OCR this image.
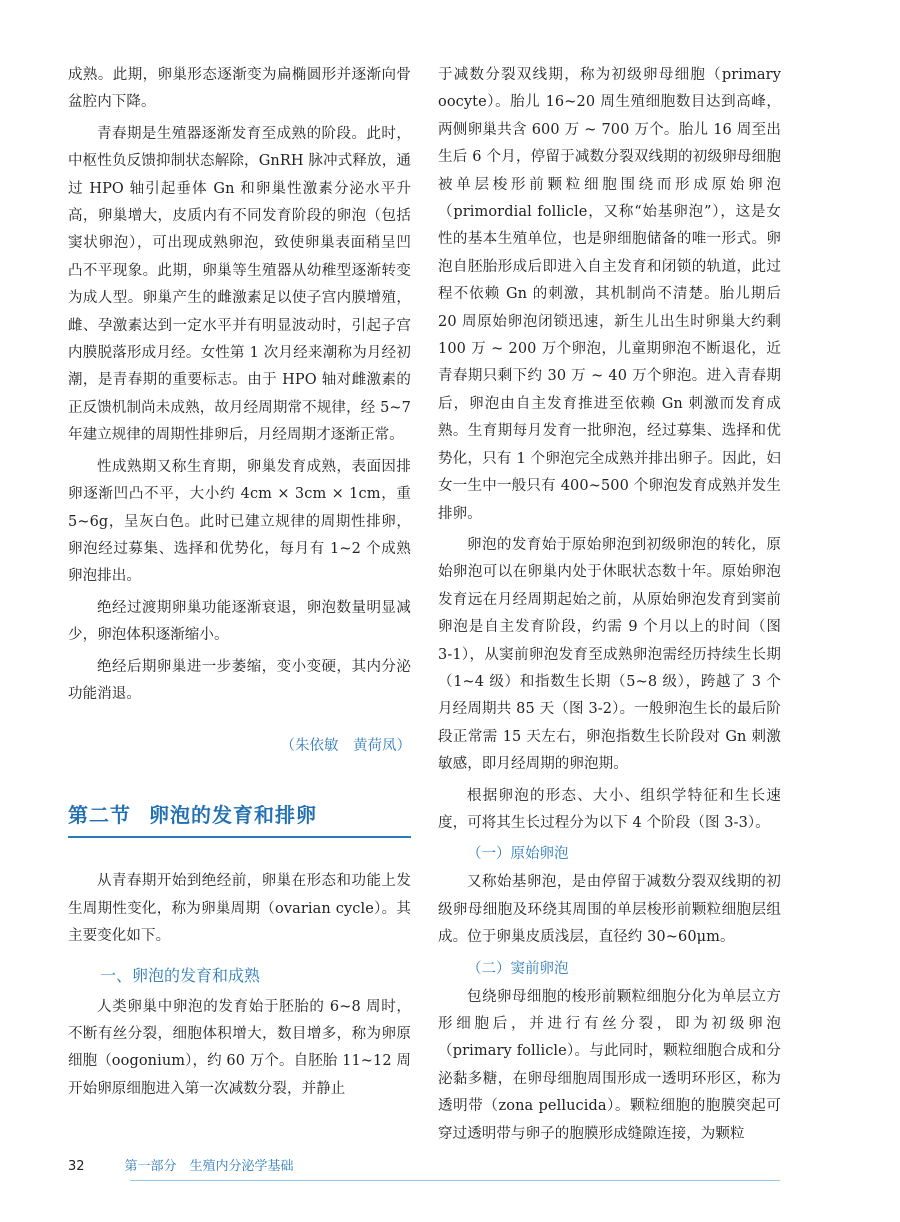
成熟。此期，卵巢形态逐渐变为扁椭圆形并逐渐向骨盆腔内下降。

青春期是生殖器逐渐发育至成熟的阶段。此时，中枢性负反馈抑制状态解除，GnRH 脉冲式释放，通过 HPO 轴引起垂体 Gn 和卵巢性激素分泌水平升高，卵巢增大，皮质内有不同发育阶段的卵泡（包括窦状卵泡），可出现成熟卵泡，致使卵巢表面稍呈凹凸不平现象。此期，卵巢等生殖器从幼稚型逐渐转变为成人型。卵巢产生的雌激素足以使子宫内膜增殖，雌、孕激素达到一定水平并有明显波动时，引起子宫内膜脱落形成月经。女性第 1 次月经来潮称为月经初潮，是青春期的重要标志。由于 HPO 轴对雌激素的正反馈机制尚未成熟，故月经周期常不规律，经 5~7 年建立规律的周期性排卵后，月经周期才逐渐正常。

性成熟期又称生育期，卵巢发育成熟，表面因排卵逐渐凹凸不平，大小约 4cm × 3cm × 1cm，重 5~6g，呈灰白色。此时已建立规律的周期性排卵，卵泡经过募集、选择和优势化，每月有 1~2 个成熟卵泡排出。

绝经过渡期卵巢功能逐渐衰退，卵泡数量明显减少，卵泡体积逐渐缩小。

绝经后期卵巢进一步萎缩，变小变硬，其内分泌功能消退。

（朱依敏　黄荷凤）
第二节 卵泡的发育和排卵

从青春期开始到绝经前，卵巢在形态和功能上发生周期性变化，称为卵巢周期（ovarian cycle）。其主要变化如下。

一、卵泡的发育和成熟

人类卵巢中卵泡的发育始于胚胎的 6~8 周时，不断有丝分裂，细胞体积增大，数目增多，称为卵原细胞（oogonium），约 60 万个。自胚胎 11~12 周开始卵原细胞进入第一次减数分裂，并静止

于减数分裂双线期，称为初级卵母细胞（primary oocyte）。胎儿 16~20 周生殖细胞数目达到高峰，两侧卵巢共含 600 万 ~ 700 万个。胎儿 16 周至出生后 6 个月，停留于减数分裂双线期的初级卵母细胞被单层梭形前颗粒细胞围绕而形成原始卵泡（primordial follicle，又称“始基卵泡”），这是女性的基本生殖单位，也是卵细胞储备的唯一形式。卵泡自胚胎形成后即进入自主发育和闭锁的轨道，此过程不依赖 Gn 的刺激，其机制尚不清楚。胎儿期后 20 周原始卵泡闭锁迅速，新生儿出生时卵巢大约剩 100 万 ~ 200 万个卵泡，儿童期卵泡不断退化，近青春期只剩下约 30 万 ~ 40 万个卵泡。进入青春期后，卵泡由自主发育推进至依赖 Gn 刺激而发育成熟。生育期每月发育一批卵泡，经过募集、选择和优势化，只有 1 个卵泡完全成熟并排出卵子。因此，妇女一生中一般只有 400~500 个卵泡发育成熟并发生排卵。

卵泡的发育始于原始卵泡到初级卵泡的转化，原始卵泡可以在卵巢内处于休眠状态数十年。原始卵泡发育远在月经周期起始之前，从原始卵泡发育到窦前卵泡是自主发育阶段，约需 9 个月以上的时间（图 3-1），从窦前卵泡发育至成熟卵泡需经历持续生长期（1~4 级）和指数生长期（5~8 级），跨越了 3 个月经周期共 85 天（图 3-2）。一般卵泡生长的最后阶段正常需 15 天左右，卵泡指数生长阶段对 Gn 刺激敏感，即月经周期的卵泡期。

根据卵泡的形态、大小、组织学特征和生长速度，可将其生长过程分为以下 4 个阶段（图 3-3）。

（一）原始卵泡

又称始基卵泡，是由停留于减数分裂双线期的初级卵母细胞及环绕其周围的单层梭形前颗粒细胞层组成。位于卵巢皮质浅层，直径约 30~60μm。

（二）窦前卵泡

包绕卵母细胞的梭形前颗粒细胞分化为单层立方形细胞后，并进行有丝分裂，即为初级卵泡（primary follicle）。与此同时，颗粒细胞合成和分泌黏多糖，在卵母细胞周围形成一透明环形区，称为透明带（zona pellucida）。颗粒细胞的胞膜突起可穿过透明带与卵子的胞膜形成缝隙连接，为颗粒

32	第一部分　生殖内分泌学基础
